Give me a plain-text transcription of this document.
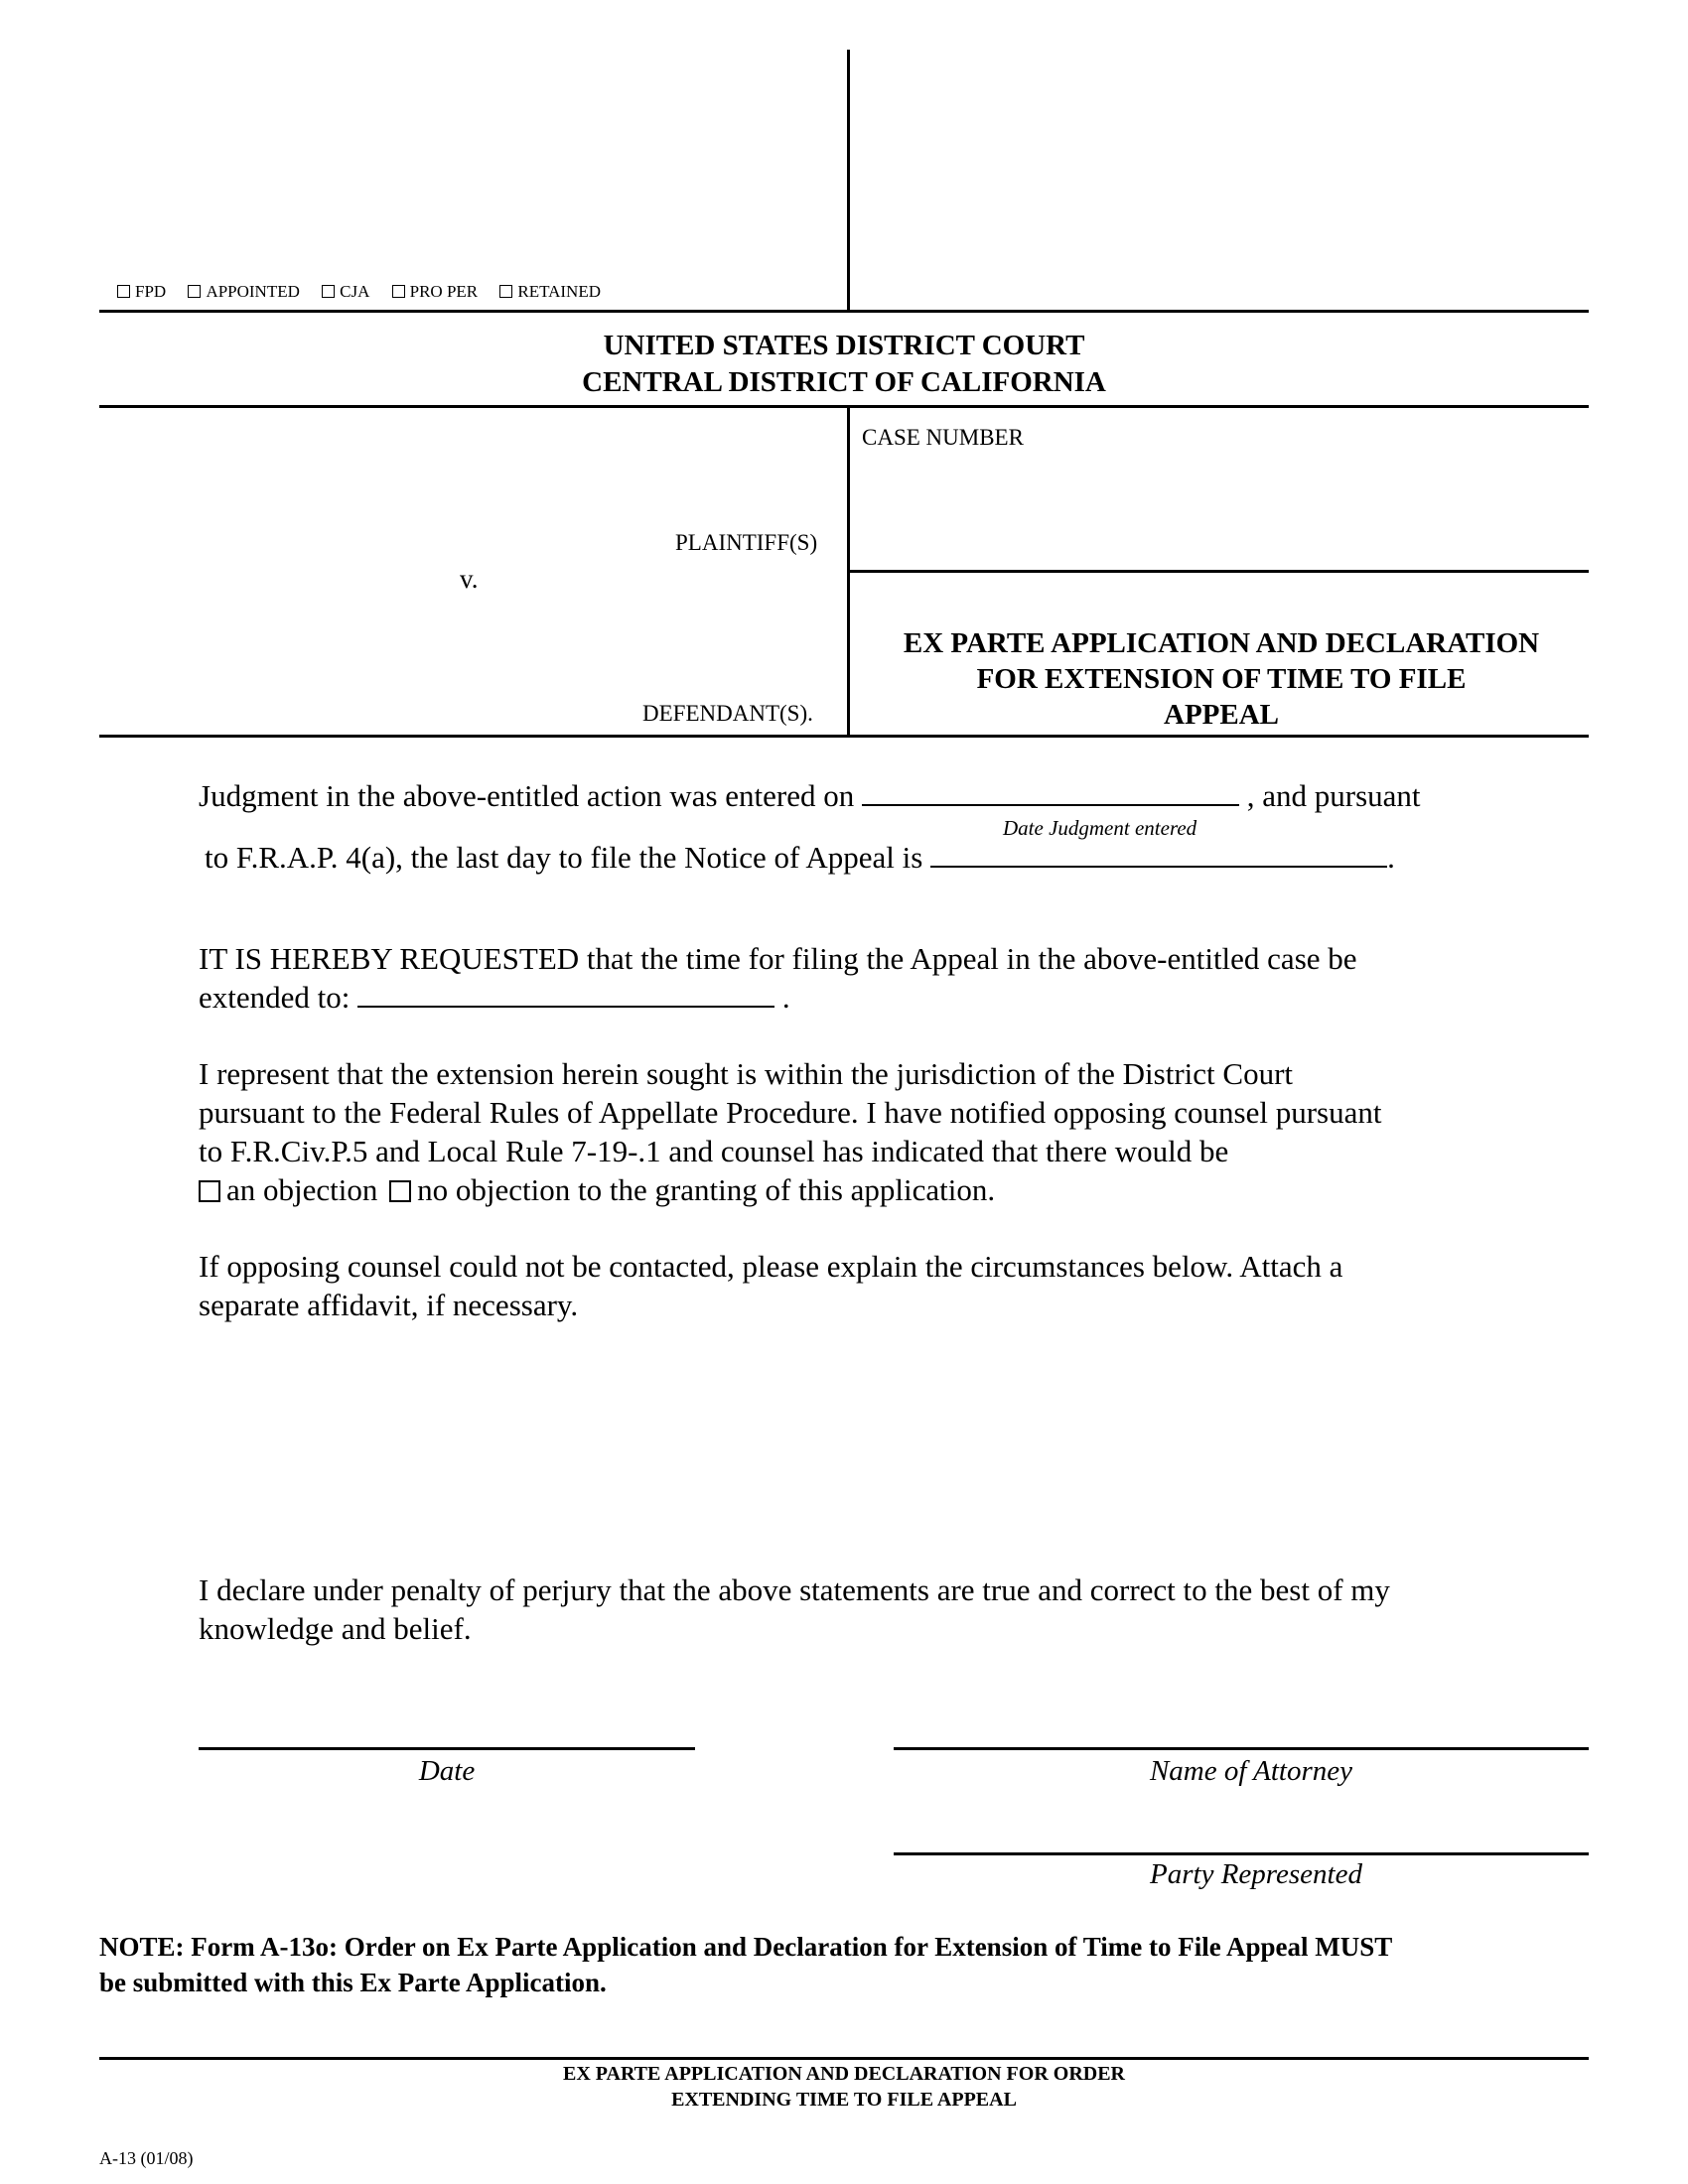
FPD APPOINTED CJA PRO PER RETAINED
UNITED STATES DISTRICT COURT
CENTRAL DISTRICT OF CALIFORNIA
CASE NUMBER
PLAINTIFF(S)
v.
DEFENDANT(S).
EX PARTE APPLICATION AND DECLARATION
FOR EXTENSION OF TIME TO FILE
APPEAL
Judgment in the above-entitled action was entered on	, and pursuant
Date Judgment entered
to F.R.A.P. 4(a), the last day to file the Notice of Appeal is	.
IT IS HEREBY REQUESTED that the time for filing the Appeal in the above-entitled case be
extended to:	.
I represent that the extension herein sought is within the jurisdiction of the District Court
pursuant to the Federal Rules of Appellate Procedure. I have notified opposing counsel pursuant
to F.R.Civ.P.5 and Local Rule 7-19-.1 and counsel has indicated that there would be
an objection no objection to the granting of this application.
If opposing counsel could not be contacted, please explain the circumstances below. Attach a
separate affidavit, if necessary.
I declare under penalty of perjury that the above statements are true and correct to the best of my
knowledge and belief.
Date	Name of Attorney
Party Represented
NOTE: Form A-13o: Order on Ex Parte Application and Declaration for Extension of Time to File Appeal MUST
be submitted with this Ex Parte Application.
EX PARTE APPLICATION AND DECLARATION FOR ORDER
EXTENDING TIME TO FILE APPEAL
A-13 (01/08)
